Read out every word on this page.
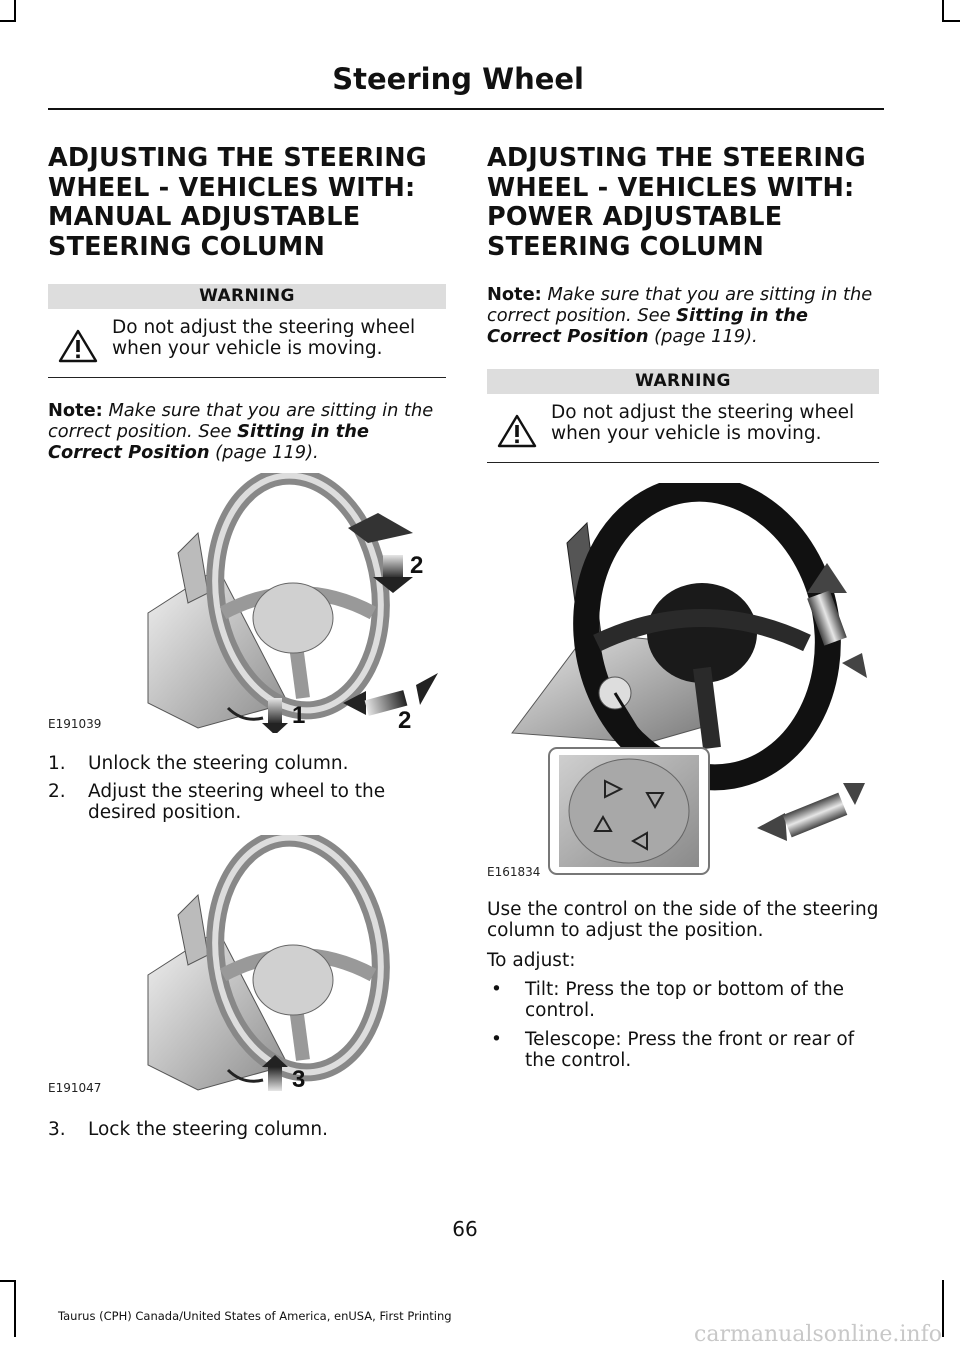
Steering Wheel
ADJUSTING THE STEERING
WHEEL - VEHICLES WITH:
MANUAL ADJUSTABLE
STEERING COLUMN
WARNING
Do not adjust the steering wheel when your vehicle is moving.
Note: Make sure that you are sitting in the correct position. See Sitting in the Correct Position (page 119).
2
1	2
E191039
1.	Unlock the steering column.
2.	Adjust the steering wheel to the desired position.
3
E191047
3.	Lock the steering column.
ADJUSTING THE STEERING
WHEEL - VEHICLES WITH:
POWER ADJUSTABLE
STEERING COLUMN
Note: Make sure that you are sitting in the correct position. See Sitting in the Correct Position (page 119).
WARNING
Do not adjust the steering wheel when your vehicle is moving.
E161834

Use the control on the side of the steering column to adjust the position.

To adjust:

•	Tilt: Press the top or bottom of the control.
•	Telescope: Press the front or rear of the control.
66
Taurus (CPH) Canada/United States of America, enUSA, First Printing
carmanualsonline.info
